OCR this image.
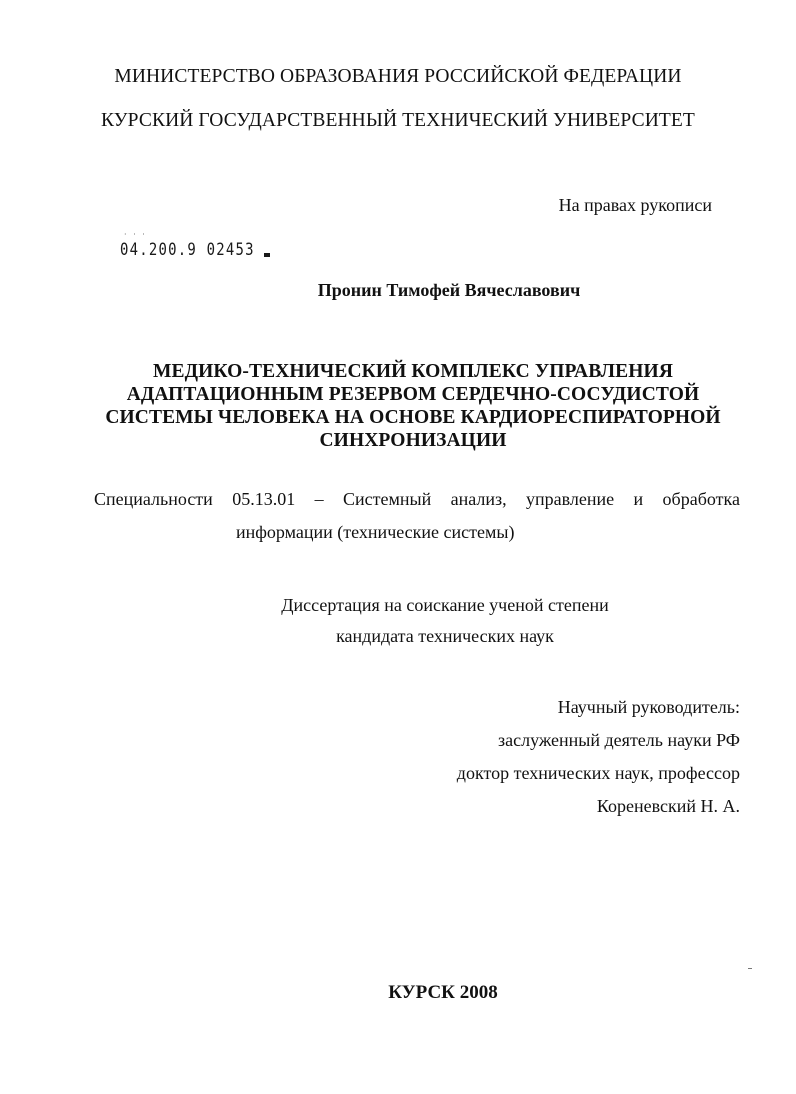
МИНИСТЕРСТВО ОБРАЗОВАНИЯ РОССИЙСКОЙ ФЕДЕРАЦИИ
КУРСКИЙ ГОСУДАРСТВЕННЫЙ ТЕХНИЧЕСКИЙ УНИВЕРСИТЕТ
На правах рукописи
· · ·
04.200.9 02453
Пронин Тимофей Вячеславович
МЕДИКО-ТЕХНИЧЕСКИЙ КОМПЛЕКС УПРАВЛЕНИЯ
АДАПТАЦИОННЫМ РЕЗЕРВОМ СЕРДЕЧНО-СОСУДИСТОЙ
СИСТЕМЫ ЧЕЛОВЕКА НА ОСНОВЕ КАРДИОРЕСПИРАТОРНОЙ
СИНХРОНИЗАЦИИ
Специальности 05.13.01 – Системный анализ, управление и обработка
информации (технические системы)
Диссертация на соискание ученой степени
кандидата технических наук
Научный руководитель:
заслуженный деятель науки РФ
доктор технических наук, профессор
Кореневский Н. А.
КУРСК 2008
